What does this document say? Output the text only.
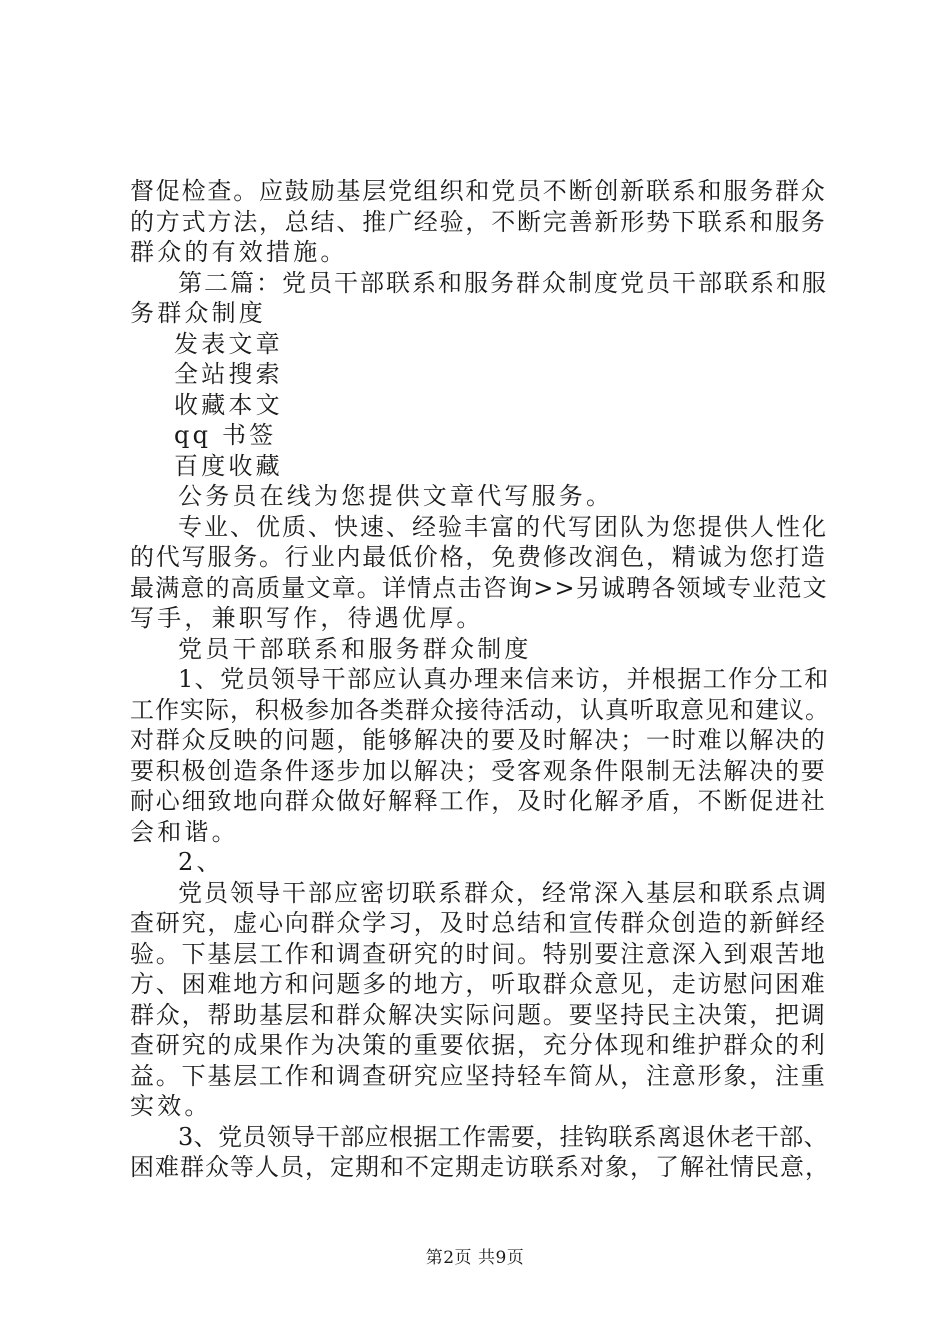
督促检查。应鼓励基层党组织和党员不断创新联系和服务群众
的方式方法，总结、推广经验，不断完善新形势下联系和服务
群众的有效措施。
第二篇：党员干部联系和服务群众制度党员干部联系和服
务群众制度
发表文章
全站搜索
收藏本文
qq 书签
百度收藏
公务员在线为您提供文章代写服务。
专业、优质、快速、经验丰富的代写团队为您提供人性化
的代写服务。行业内最低价格，免费修改润色，精诚为您打造
最满意的高质量文章。详情点击咨询>>另诚聘各领域专业范文
写手，兼职写作，待遇优厚。
党员干部联系和服务群众制度
1、党员领导干部应认真办理来信来访，并根据工作分工和
工作实际，积极参加各类群众接待活动，认真听取意见和建议。
对群众反映的问题，能够解决的要及时解决；一时难以解决的
要积极创造条件逐步加以解决；受客观条件限制无法解决的要
耐心细致地向群众做好解释工作，及时化解矛盾，不断促进社
会和谐。
2、
党员领导干部应密切联系群众，经常深入基层和联系点调
查研究，虚心向群众学习，及时总结和宣传群众创造的新鲜经
验。下基层工作和调查研究的时间。特别要注意深入到艰苦地
方、困难地方和问题多的地方，听取群众意见，走访慰问困难
群众，帮助基层和群众解决实际问题。要坚持民主决策，把调
查研究的成果作为决策的重要依据，充分体现和维护群众的利
益。下基层工作和调查研究应坚持轻车简从，注意形象，注重
实效。
3、党员领导干部应根据工作需要，挂钩联系离退休老干部、
困难群众等人员，定期和不定期走访联系对象，了解社情民意，
第2页 共9页
